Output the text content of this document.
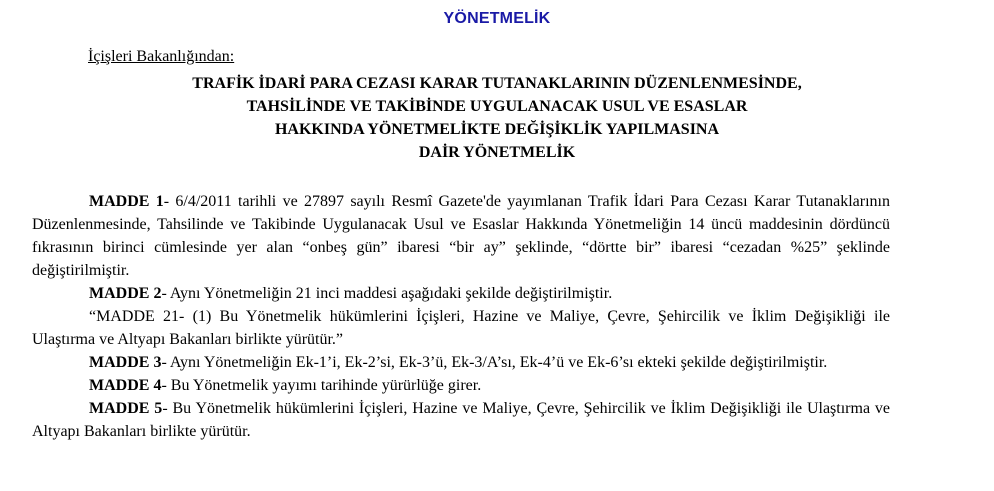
YÖNETMELİK
İçişleri Bakanlığından:
TRAFİK İDARİ PARA CEZASI KARAR TUTANAKLARININ DÜZENLENMESİNDE,
TAHSİLİNDE VE TAKİBİNDE UYGULANACAK USUL VE ESASLAR
HAKKINDA YÖNETMELİKTE DEĞİŞİKLİK YAPILMASINA
DAİR YÖNETMELİK

MADDE 1- 6/4/2011 tarihli ve 27897 sayılı Resmî Gazete'de yayımlanan Trafik İdari Para Cezası Karar Tutanaklarının Düzenlenmesinde, Tahsilinde ve Takibinde Uygulanacak Usul ve Esaslar Hakkında Yönetmeliğin 14 üncü maddesinin dördüncü fıkrasının birinci cümlesinde yer alan “onbeş gün” ibaresi “bir ay” şeklinde, “dörtte bir” ibaresi “cezadan %25” şeklinde değiştirilmiştir.

MADDE 2- Aynı Yönetmeliğin 21 inci maddesi aşağıdaki şekilde değiştirilmiştir.

“MADDE 21- (1) Bu Yönetmelik hükümlerini İçişleri, Hazine ve Maliye, Çevre, Şehircilik ve İklim Değişikliği ile Ulaştırma ve Altyapı Bakanları birlikte yürütür.”

MADDE 3- Aynı Yönetmeliğin Ek-1’i, Ek-2’si, Ek-3’ü, Ek-3/A’sı, Ek-4’ü ve Ek-6’sı ekteki şekilde değiştirilmiştir.

MADDE 4- Bu Yönetmelik yayımı tarihinde yürürlüğe girer.

MADDE 5- Bu Yönetmelik hükümlerini İçişleri, Hazine ve Maliye, Çevre, Şehircilik ve İklim Değişikliği ile Ulaştırma ve Altyapı Bakanları birlikte yürütür.
